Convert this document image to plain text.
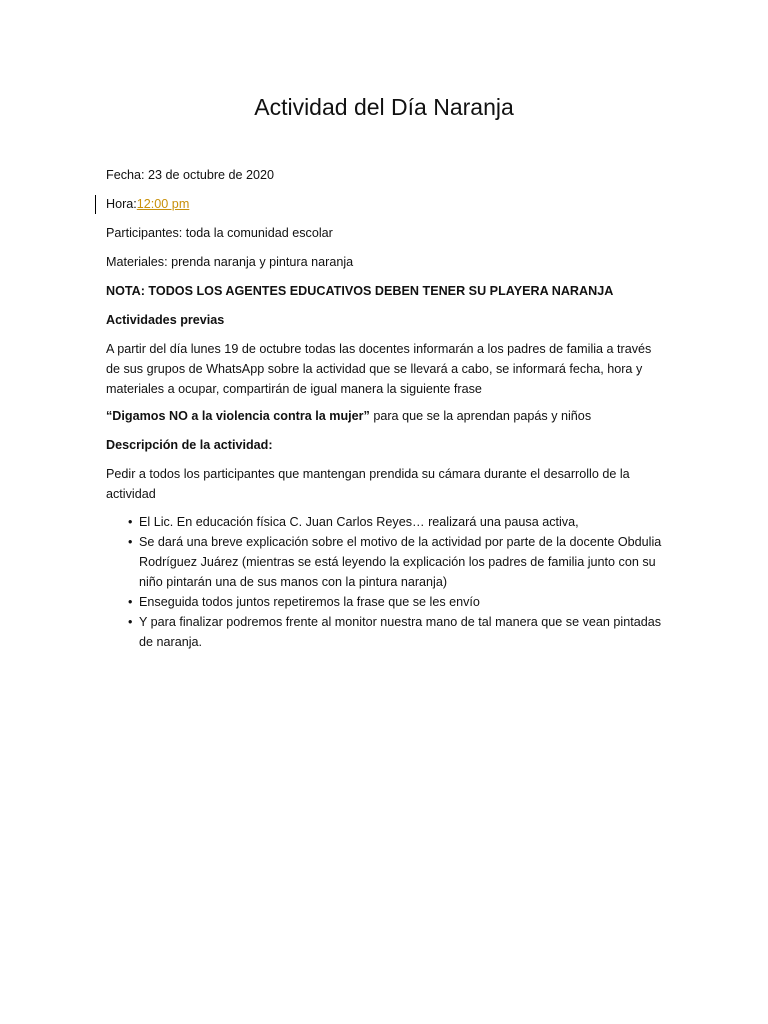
Actividad del Día Naranja
Fecha: 23 de octubre de 2020
Hora:12:00 pm
Participantes: toda la comunidad escolar
Materiales: prenda naranja y pintura naranja
NOTA: TODOS LOS AGENTES EDUCATIVOS DEBEN TENER SU PLAYERA NARANJA
Actividades previas
A partir del día lunes 19 de octubre todas las docentes informarán a los padres de familia a través de sus grupos de WhatsApp sobre la actividad que se llevará a cabo, se informará fecha, hora y materiales a ocupar, compartirán de igual manera la siguiente frase
“Digamos NO a la violencia contra la mujer” para que se la aprendan papás y niños
Descripción de la actividad:
Pedir a todos los participantes que mantengan prendida su cámara durante el desarrollo de la actividad
• El Lic. En educación física C. Juan Carlos Reyes… realizará una pausa activa,
• Se dará una breve explicación sobre el motivo de la actividad por parte de la docente Obdulia Rodríguez Juárez (mientras se está leyendo la explicación los padres de familia junto con su niño pintarán una de sus manos con la pintura naranja)
• Enseguida todos juntos repetiremos la frase que se les envío
• Y para finalizar podremos frente al monitor nuestra mano de tal manera que se vean pintadas de naranja.
